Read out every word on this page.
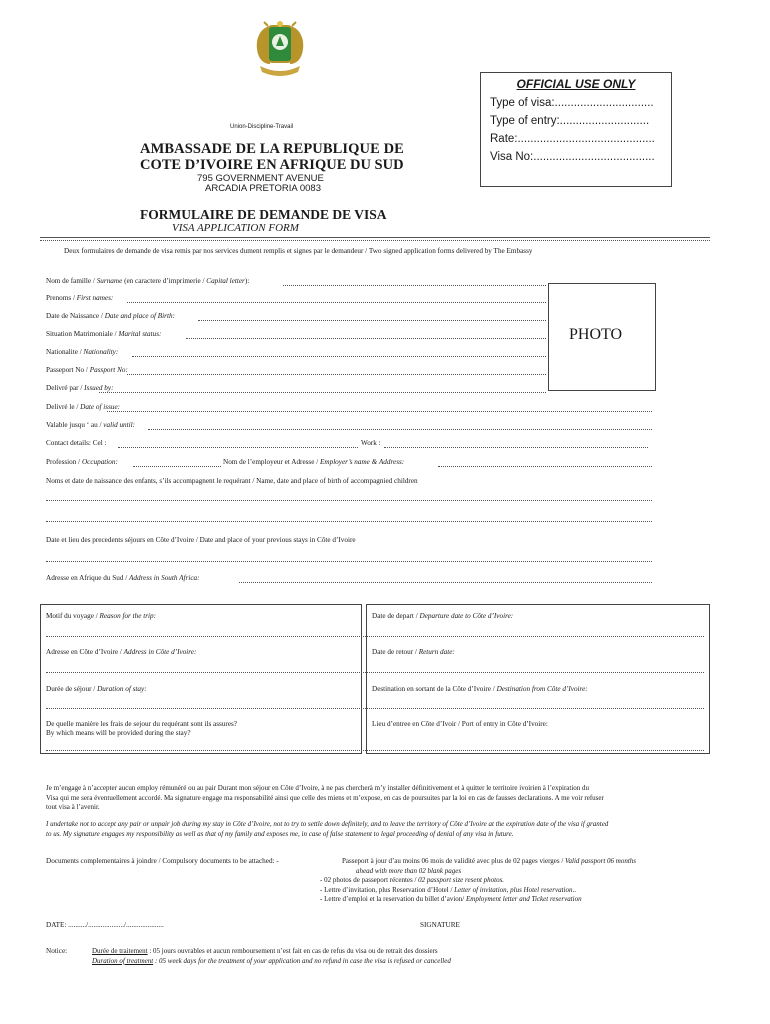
OFFICIAL USE ONLY
Type of visa:...............................
Type of entry:............................
Rate:...........................................
Visa No:......................................
Union-Discipline-Travail
AMBASSADE DE LA REPUBLIQUE DE
COTE D’IVOIRE EN AFRIQUE DU SUD
795 GOVERNMENT AVENUE
ARCADIA PRETORIA 0083
FORMULAIRE DE DEMANDE DE VISA
VISA APPLICATION FORM
Deux formulaires de demande de visa remis par nos services dument remplis et signes par le demandeur / Two signed application forms delivered by The Embassy
PHOTO
Nom de famille / Surname (en caractere d’imprimerie / Capital letter):
Prenoms / First names:
Date de Naissance / Date and place of Birth:
Situation Matrimoniale / Marital status:
Nationalite / Nationality:
Passeport No / Passport No:
Delivré par / Issued by:
Delivré le / Date of issue:
Valable jusqu ‘ au / valid until:
Contact details: Cel :	Work :
Profession / Occupation:	Nom de l’employeur et Adresse / Employer’s name & Address:
Noms et date de naissance des enfants, s’ils accompagnent le requérant / Name, date and place of birth of accompagnied children
Date et lieu des precedents séjours en Côte d’Ivoire / Date and place of your previous stays in Côte d’Ivoire
Adresse en Afrique du Sud / Address in South Africa:
Motif du voyage / Reason for the trip:	Date de depart / Departure date to Côte d’Ivoire:
Adresse en Côte d’Ivoire / Address in Côte d’Ivoire:	Date de retour / Return date:
Durée de séjour / Duration of stay:	Destination en sortant de la Côte d’Ivoire / Destination from Côte d’Ivoire:
De quelle manière les frais de sejour du requérant sont ils assures?
By which means will be provided during the stay?
Lieu d’entree en Côte d’Ivoir / Port of entry in Côte d’Ivoire:
Je m’engage à n’accepter aucun employ rémunéré ou au pair Durant mon séjour en Côte d’Ivoire, à ne pas chercherà m’y installer définitivement et à quitter le territoire ivoirien à l’expiration du
Visa qui me sera éventuellement accordé. Ma signature engage ma responsabilité ainsi que celle des miens et m’expose, en cas de poursuites par la loi en cas de fausses declarations. A me voir refuser
tout visa à l’avenir.
I undertake not to accept any pair or unpair job during my stay in Côte d’Ivoire, not to try to settle down definitely, and to leave the territory of Côte d’Ivoire at the expiration date of the visa if granted
to us. My signature engages my responsibility as well as that of my family and exposes me, in case of false statement to legal proceeding of denial of any visa in future.
Documents complementaires à joindre / Compulsory documents to be attached: -	Passeport à jour d’au moins 06 mois de validité avec plus de 02 pages vierges / Valid passport 06 months
ahead with more than 02 blank pages
- 02 photos de passeport récentes / 02 passport size resent photos.
- Lettre d’invitation, plus Reservation d’Hotel / Letter of invitation, plus Hotel reservation..
- Lettre d’emploi et la reservation du billet d’avion/ Employment letter and Ticket reservation
DATE: ........../..................../.....................	SIGNATURE
Notice:	Durée de traitement : 05 jours ouvrables et aucun remboursement n’est fait en cas de refus du visa ou de retrait des dossiers
Duration of treatment : 05 week days for the treatment of your application and no refund in case the visa is refused or cancelled
